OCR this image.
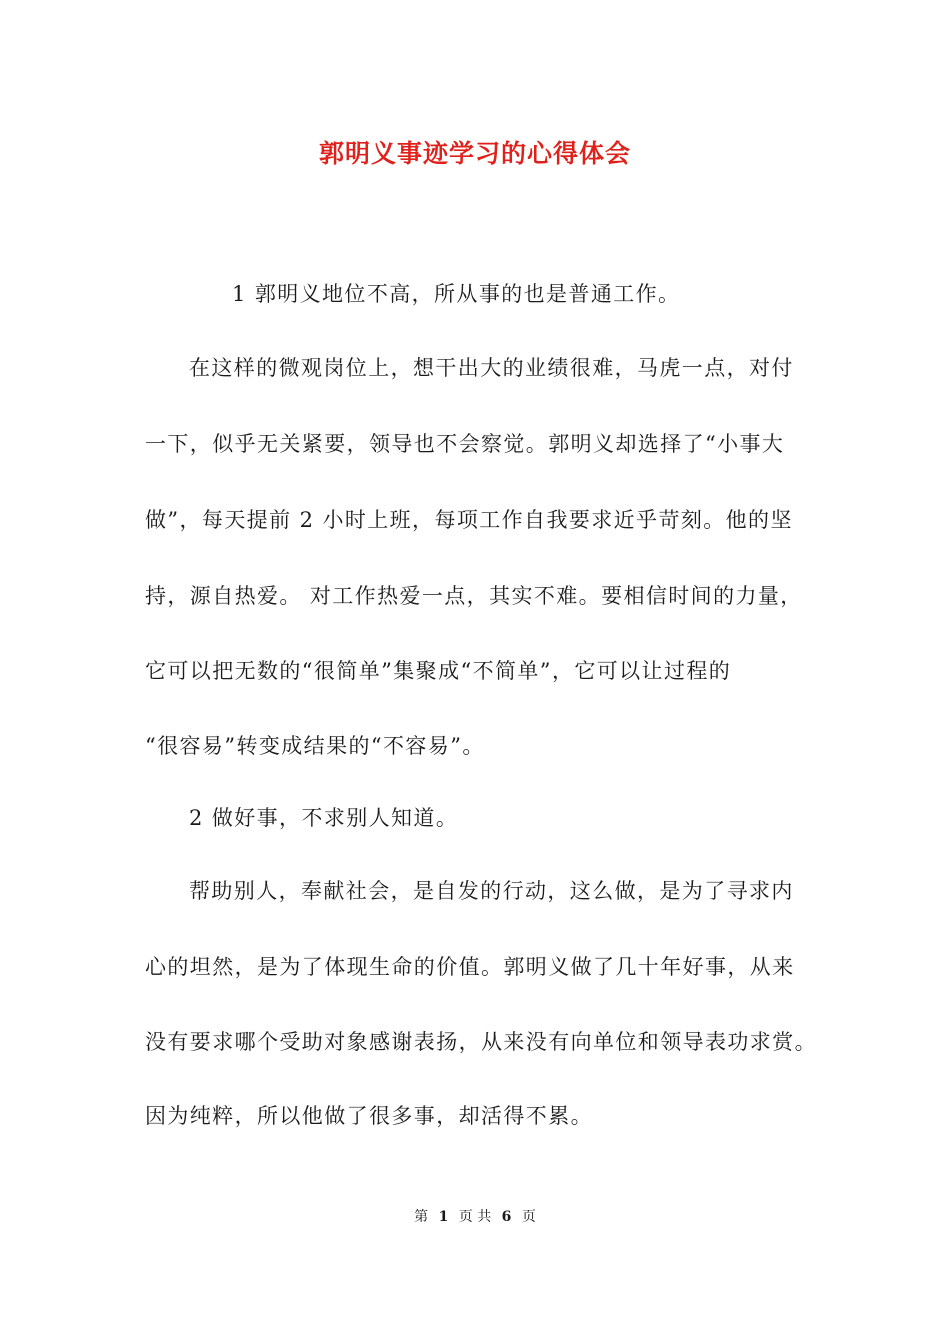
郭明义事迹学习的心得体会
1 郭明义地位不高，所从事的也是普通工作。
在这样的微观岗位上，想干出大的业绩很难，马虎一点，对付
一下，似乎无关紧要，领导也不会察觉。郭明义却选择了“小事大
做”，每天提前 2 小时上班，每项工作自我要求近乎苛刻。他的坚
持，源自热爱。 对工作热爱一点，其实不难。要相信时间的力量，
它可以把无数的“很简单”集聚成“不简单”，它可以让过程的
“很容易”转变成结果的“不容易”。
2 做好事，不求别人知道。
帮助别人，奉献社会，是自发的行动，这么做，是为了寻求内
心的坦然，是为了体现生命的价值。郭明义做了几十年好事，从来
没有要求哪个受助对象感谢表扬，从来没有向单位和领导表功求赏。
因为纯粹，所以他做了很多事，却活得不累。
第 1 页 共 6 页
